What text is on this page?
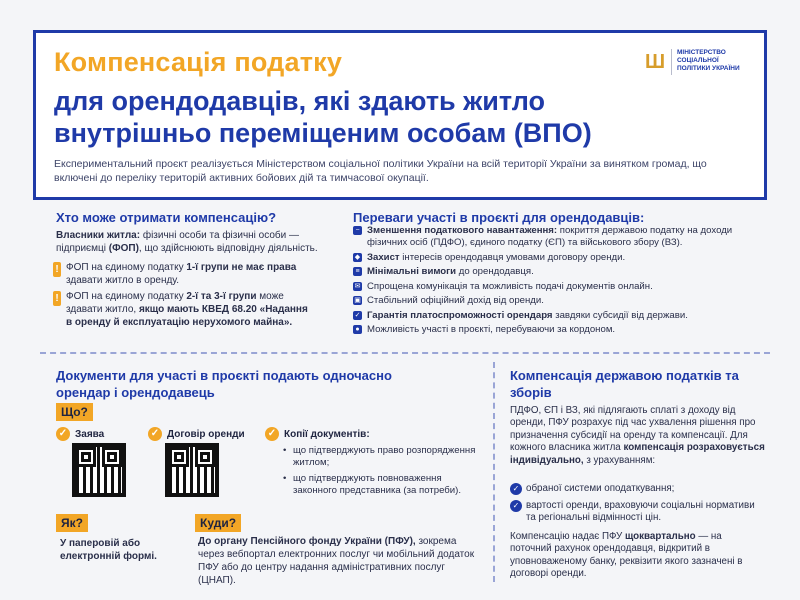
Компенсація податку
для орендодавців, які здають житло внутрішньо переміщеним особам (ВПО)
Експериментальний проєкт реалізується Міністерством соціальної політики України на всій території України за винятком громад, що включені до переліку територій активних бойових дій та тимчасової окупації.
Ш МІНІСТЕРСТВО СОЦІАЛЬНОЇ ПОЛІТИКИ УКРАЇНИ
Хто може отримати компенсацію?
Власники житла: фізичні особи та фізичні особи — підприємці (ФОП), що здійснюють відповідну діяльність.
! ФОП на єдиному податку 1-ї групи не має права здавати житло в оренду.
! ФОП на єдиному податку 2-ї та 3-ї групи може здавати житло, якщо мають КВЕД 68.20 «Надання в оренду й експлуатацію нерухомого майна».
Переваги участі в проєкті для орендодавців:
− Зменшення податкового навантаження: покриття державою податку на доходи фізичних осіб (ПДФО), єдиного податку (ЄП) та військового збору (ВЗ).
◆ Захист інтересів орендодавця умовами договору оренди.
≡ Мінімальні вимоги до орендодавця.
✉ Спрощена комунікація та можливість подачі документів онлайн.
▣ Стабільний офіційний дохід від оренди.
✓ Гарантія платоспроможності орендаря завдяки субсидії від держави.
● Можливість участі в проєкті, перебуваючи за кордоном.
Документи для участі в проєкті подають одночасно орендар і орендодавець
Що?
✓ Заява	✓ Договір оренди ✓ Копії документів:
• що підтверджують право розпорядження житлом;
• що підтверджують повноваження законного представника (за потреби).
Як?
У паперовій або електронній формі.
Куди?
До органу Пенсійного фонду України (ПФУ), зокрема через вебпортал електронних послуг чи мобільний додаток ПФУ або до центру надання адміністративних послуг (ЦНАП).
Компенсація державою податків та зборів
ПДФО, ЄП і ВЗ, які підлягають сплаті з доходу від оренди, ПФУ розрахує під час ухвалення рішення про призначення субсидії на оренду та компенсації. Для кожного власника житла компенсація розраховується індивідуально, з урахуванням:
✓ обраної системи оподаткування;
✓ вартості оренди, враховуючи соціальні нормативи та регіональні відмінності цін.
Компенсацію надає ПФУ щоквартально — на поточний рахунок орендодавця, відкритий в уповноваженому банку, реквізити якого зазначені в договорі оренди.
